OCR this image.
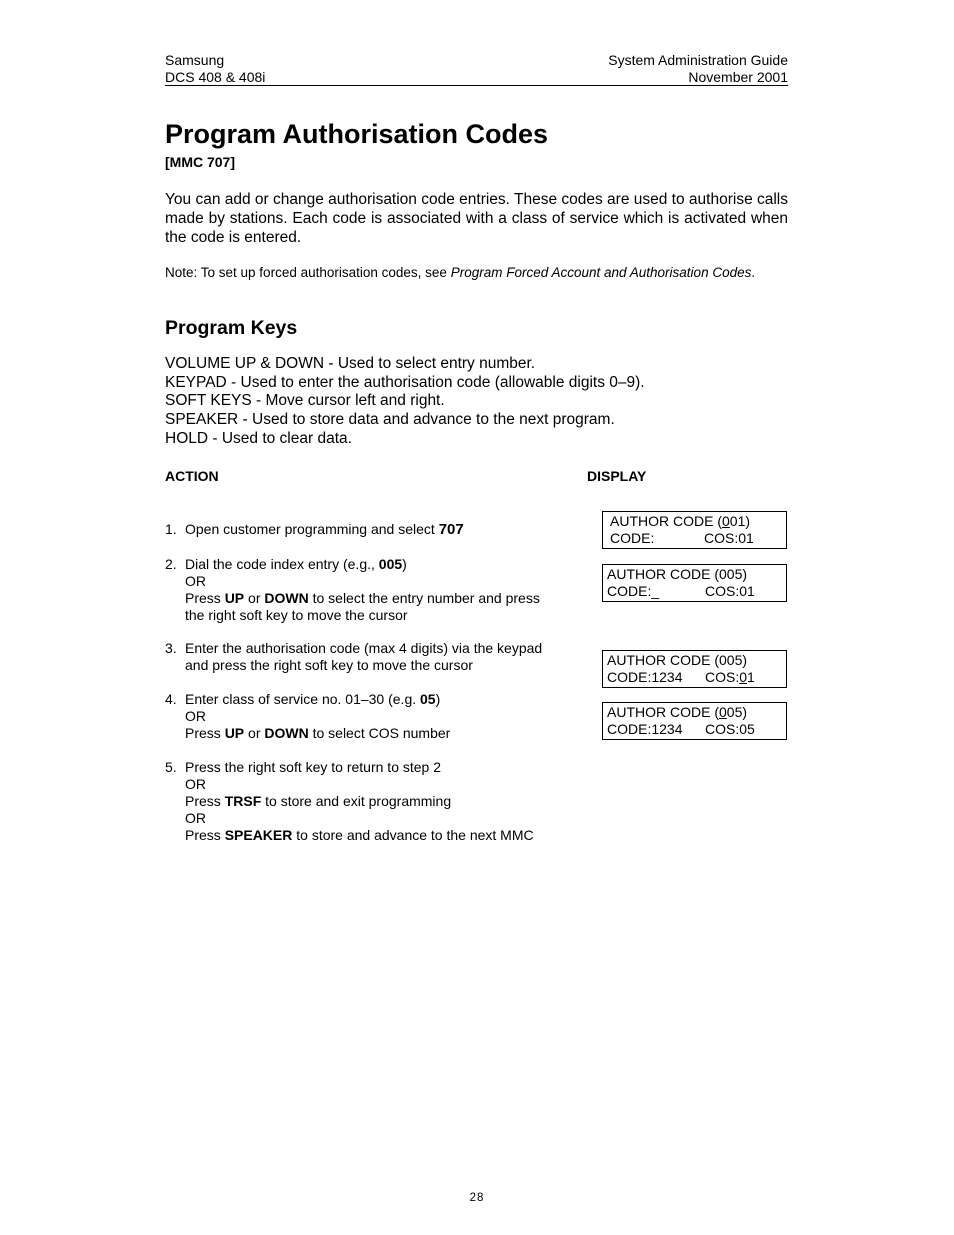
Samsung
DCS 408 & 408i
System Administration Guide
November 2001
Program Authorisation Codes
[MMC 707]

You can add or change authorisation code entries. These codes are used to authorise calls made by stations. Each code is associated with a class of service which is activated when the code is entered.

Note: To set up forced authorisation codes, see Program Forced Account and Authorisation Codes.

Program Keys
VOLUME UP & DOWN - Used to select entry number.
KEYPAD - Used to enter the authorisation code (allowable digits 0–9).
SOFT KEYS - Move cursor left and right.
SPEAKER - Used to store data and advance to the next program.
HOLD - Used to clear data.
ACTION	DISPLAY
1. Open customer programming and select 707
2. Dial the code index entry (e.g., 005)
OR
Press UP or DOWN to select the entry number and press
the right soft key to move the cursor
3. Enter the authorisation code (max 4 digits) via the keypad
and press the right soft key to move the cursor
4. Enter class of service no. 01–30 (e.g. 05)
OR
Press UP or DOWN to select COS number
5. Press the right soft key to return to step 2
OR
Press TRSF to store and exit programming
OR
Press SPEAKER to store and advance to the next MMC
AUTHOR CODE (001)
CODE:	COS:01
AUTHOR CODE (005)
CODE:_	COS:01
AUTHOR CODE (005)
CODE:1234 COS:01
AUTHOR CODE (005)
CODE:1234 COS:05
28
